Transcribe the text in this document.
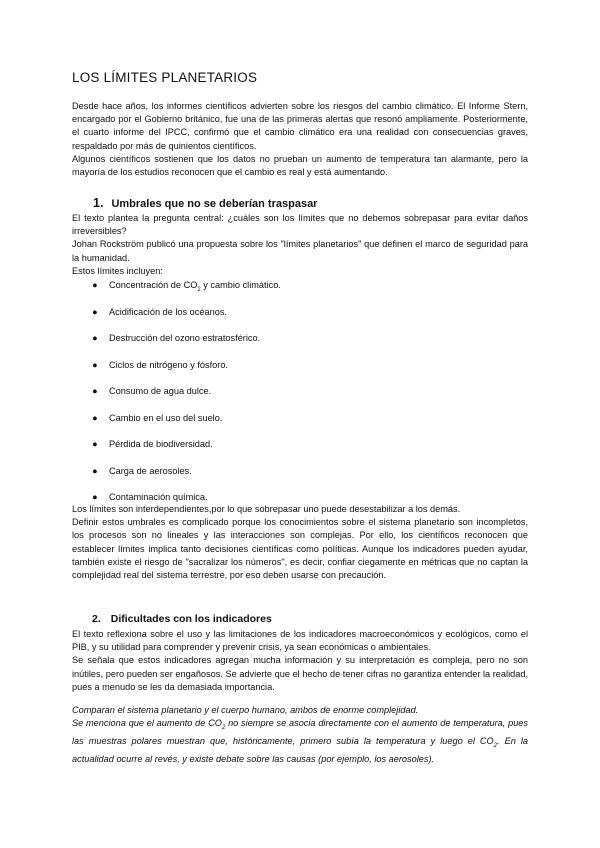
LOS LÍMITES PLANETARIOS

Desde hace años, los informes científicos advierten sobre los riesgos del cambio climático. El Informe Stern, encargado por el Gobierno británico, fue una de las primeras alertas que resonó ampliamente. Posteriormente, el cuarto informe del IPCC, confirmó que el cambio climático era una realidad con consecuencias graves, respaldado por más de quinientos científicos.

Algunos científicos sostienen que los datos no prueban un aumento de temperatura tan alarmante, pero la mayoría de los estudios reconocen que el cambio es real y está aumentando.

1. Umbrales que no se deberían traspasar

El texto plantea la pregunta central: ¿cuáles son los límites que no debemos sobrepasar para evitar daños irreversibles?

Johan Rockström publicó una propuesta sobre los "límites planetarios" que definen el marco de seguridad para la humanidad.

Estos límites incluyen:

● Concentración de $CO_2$ y cambio climático.
● Acidificación de los océanos.
● Destrucción del ozono estratosférico.
● Ciclos de nitrógeno y fósforo.
● Consumo de agua dulce.
● Cambio en el uso del suelo.
● Pérdida de biodiversidad.
● Carga de aerosoles.
● Contaminación química.

Los límites son interdependientes,por lo que sobrepasar uno puede desestabilizar a los demás.

Definir estos umbrales es complicado porque los conocimientos sobre el sistema planetario son incompletos, los procesos son no lineales y las interacciones son complejas. Por ello, los científicos reconocen que establecer límites implica tanto decisiones científicas como políticas. Aunque los indicadores pueden ayudar, también existe el riesgo de "sacralizar los números", es decir, confiar ciegamente en métricas que no captan la complejidad real del sistema terrestre, por eso deben usarse con precaución.

2. Dificultades con los indicadores

El texto reflexiona sobre el uso y las limitaciones de los indicadores macroeconómicos y ecológicos, como el PIB, y su utilidad para comprender y prevenir crisis, ya sean económicas o ambientales.

Se señala que estos indicadores agregan mucha información y su interpretación es compleja, pero no son inútiles, pero pueden ser engañosos. Se advierte que el hecho de tener cifras no garantiza entender la realidad, pues a menudo se les da demasiada importancia.

Comparan el sistema planetario y el cuerpo humano, ambos de enorme complejidad.

Se menciona que el aumento de $CO_2$ no siempre se asocia directamente con el aumento de temperatura, pues las muestras polares muestran que, históricamente, primero subía la temperatura y luego el $CO_2$. En la actualidad ocurre al revés, y existe debate sobre las causas (por ejemplo, los aerosoles).
